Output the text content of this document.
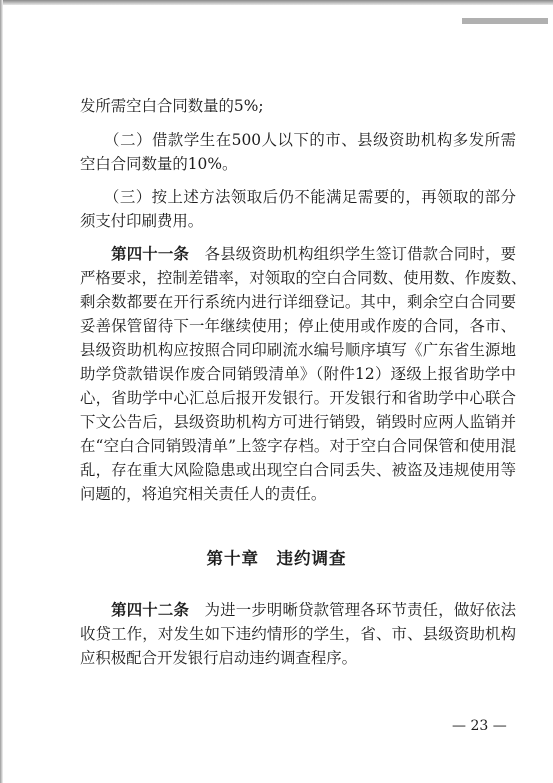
发所需空白合同数量的5%;
　　（二）借款学生在500人以下的市、县级资助机构多发所需
空白合同数量的10%。
　　（三）按上述方法领取后仍不能满足需要的，再领取的部分
须支付印刷费用。
　　第四十一条　 各县级资助机构组织学生签订借款合同时，要
严格要求，控制差错率，对领取的空白合同数、使用数、作废数、
剩余数都要在开行系统内进行详细登记。其中，剩余空白合同要
妥善保管留待下一年继续使用；停止使用或作废的合同，各市、
县级资助机构应按照合同印刷流水编号顺序填写《广东省生源地
助学贷款错误作废合同销毁清单》（附件12）逐级上报省助学中
心，省助学中心汇总后报开发银行。开发银行和省助学中心联合
下文公告后，县级资助机构方可进行销毁，销毁时应两人监销并
在“空白合同销毁清单”上签字存档。对于空白合同保管和使用混
乱，存在重大风险隐患或出现空白合同丢失、被盗及违规使用等
问题的，将追究相关责任人的责任。
第十章　违约调查
　　第四十二条　 为进一步明晰贷款管理各环节责任，做好依法
收贷工作，对发生如下违约情形的学生，省、市、县级资助机构
应积极配合开发银行启动违约调查程序。
— 23 —
